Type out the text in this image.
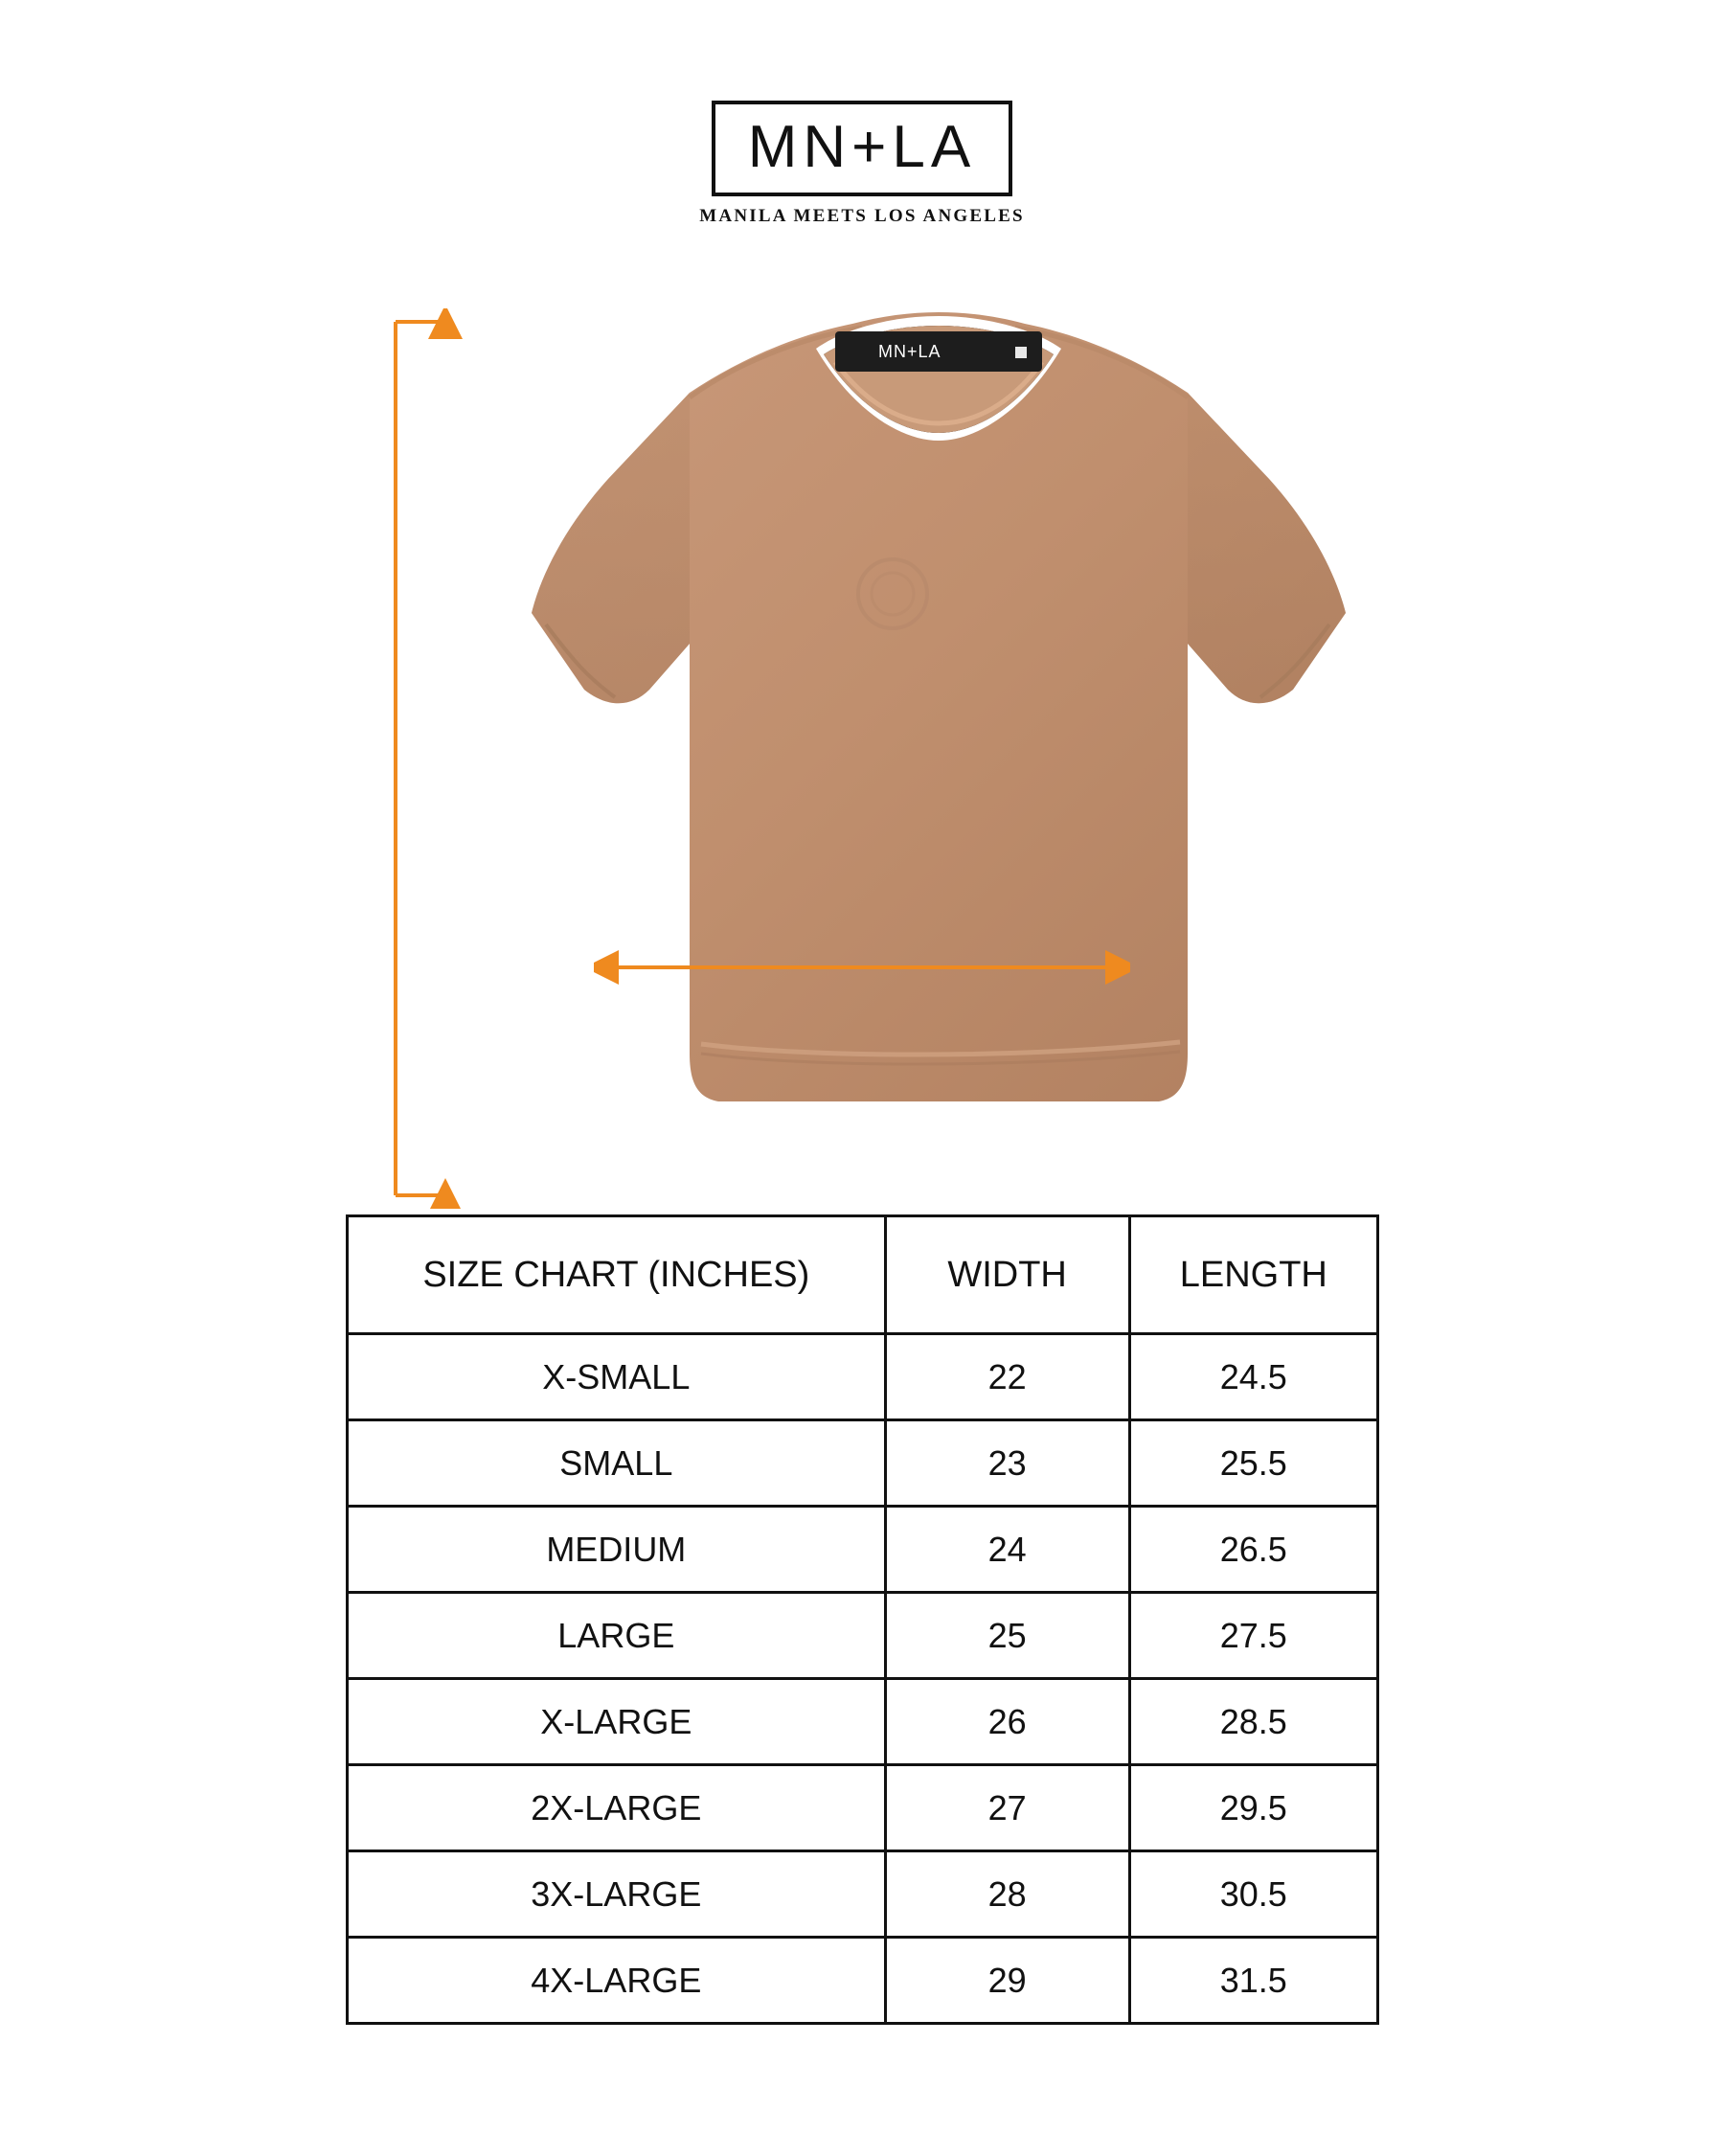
MN+LA
MANILA MEETS LOS ANGELES
MN+LA
SIZE CHART (INCHES)	WIDTH	LENGTH
X-SMALL	22	24.5
SMALL	23	25.5
MEDIUM	24	26.5
LARGE	25	27.5
X-LARGE	26	28.5
2X-LARGE	27	29.5
3X-LARGE	28	30.5
4X-LARGE	29	31.5
